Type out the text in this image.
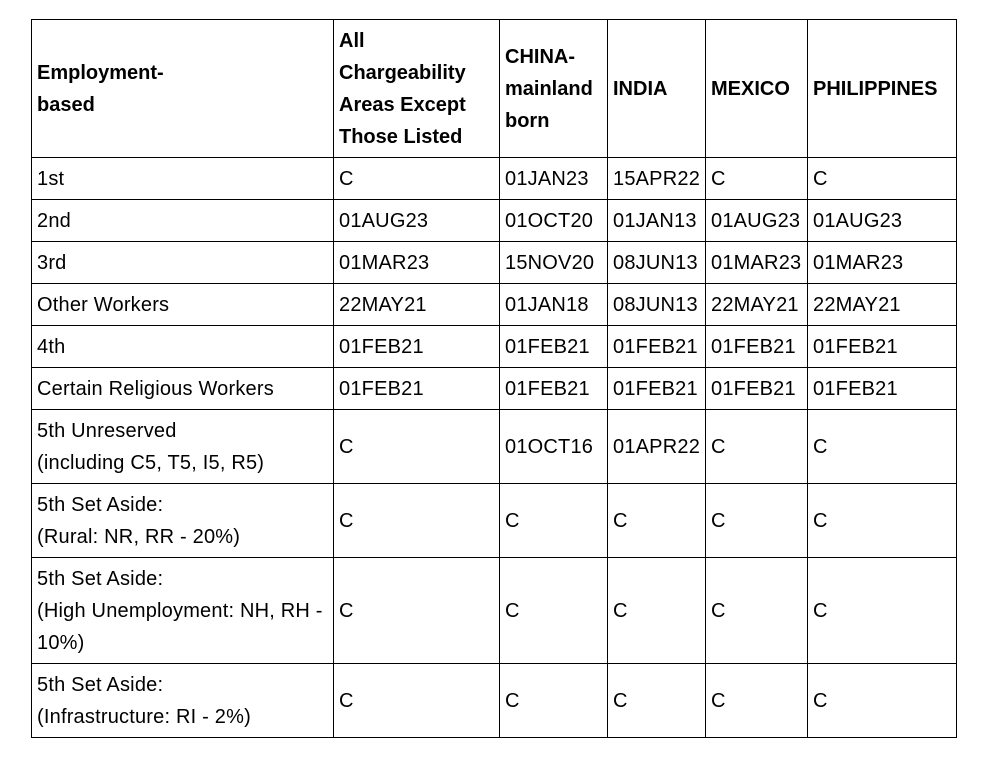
Employment-
based	All
Chargeability
Areas Except
Those Listed	CHINA-
mainland
born	INDIA	MEXICO	PHILIPPINES
1st	C	01JAN23	15APR22	C	C
2nd	01AUG23	01OCT20	01JAN13	01AUG23	01AUG23
3rd	01MAR23	15NOV20	08JUN13	01MAR23	01MAR23
Other Workers	22MAY21	01JAN18	08JUN13	22MAY21	22MAY21
4th	01FEB21	01FEB21	01FEB21	01FEB21	01FEB21
Certain Religious Workers	01FEB21	01FEB21	01FEB21	01FEB21	01FEB21
5th Unreserved
(including C5, T5, I5, R5)	C	01OCT16	01APR22	C	C
5th Set Aside:
(Rural: NR, RR - 20%)	C	C	C	C	C
5th Set Aside:
(High Unemployment: NH, RH -
10%)	C	C	C	C	C
5th Set Aside:
(Infrastructure: RI - 2%)	C	C	C	C	C
